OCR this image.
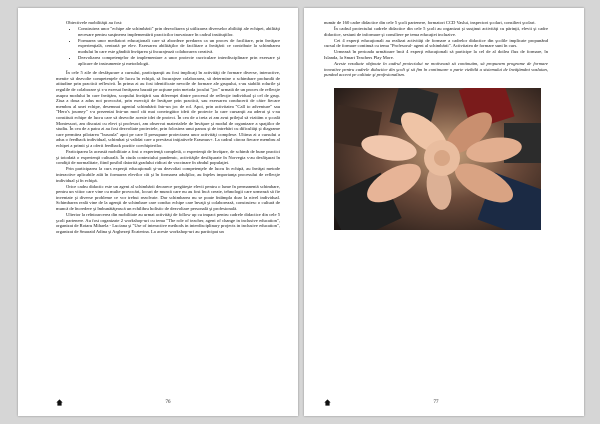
Obiectivele mobilităţii au fost:

• Construirea unor "echipe ale schimbării" prin dezvoltarea şi utilizarea diverselor abilităţi ale echipei, abilităţi necesare pentru susţinerea implementării practicilor inovatoare în cadrul instituţiilor.
• Formarea unor mediatori educaţionali care să abordeze predarea ca un proces de facilitare, prin învăţare experienţială, centrată pe elev. Exersarea abilităţilor de facilitare a învăţării ce contribuie la schimbarea modului în care este gândită învăţarea şi încurajează colaborarea creativă.
• Dezvoltarea competenţelor de implementare a unor proiecte curriculare interdisciplinare prin exersare şi aplicare de instrumente şi metodologii.

În cele 5 zile de desfăşurare a cursului, participanţii au fost implicaţi în activităţi de formare diverse, interactive, menite să dezvolte competenţele de lucru în echipă, să încurajeze colaborarea, să determine o schimbare profundă de atitudine prin practică reflexivă. În prima zi au fost identificate nevoile de formare ale grupului, s-au stabilit rolurile şi regulile de colaborare şi s-a exersat învăţarea bazată pe acţiune prin metoda jocului "joc" urmată de un proces de reflecţie asupra modului în care învăţăm, scopului învăţării sau diferenţei dintre procesul de reflecţie individual şi cel de grup. Ziua a doua a adus noi provocări, prin exerciţii de învăţare prin practică, sau exersarea conducerii de către fiecare membru al unei echipe, desemnat agentul schimbării într-un joc de rol. Apoi, prin activitatea "Call to adventure" sau "Hero's journey" s-a prezentat într-un mod cât mai convingător ideii de proiecte la care cursanţii au aderat şi s-au constituit echipe de lucru care să dezvolte aceste idei de proiect. În cea de a treia zi am avut prilejul să vizităm o şcoală Montessori, am discutat cu elevi şi profesori, am observat materialele de învăţare şi modul de organizare a spaţiilor de studiu. În cea de a patra zi au fost dezvoltate proiectele, prin folosirea unui panou şi de intrebări cu dificultăţi şi diagrame care permitea pilotarea "busoula" apoi pe care îl presupune proiectarea unor activităţi complexe. Ultima zi a cursului a adus o feedback individual, schimbat şi validat care a prevăzut iniţiativele Erasmus+. La cadrul cărora fiecare membru al echipei a primit şi a oferit feedback pozitiv coechipierilor.

Participarea la această mobilitate a fost o experienţă completă, o experienţă de învăţare, de schimb de bune practici şi totodată o experienţă culturală. În ciuda contextului pandemic, activităţile desfăşurate în Norvegia s-au desfăşurat în condiţii de normalitate, fiind posibil datorită gradului ridicat de vaccinare în rândul populaţiei.

Prin participarea la curs experţii educaţionali şi-au dezvoltat competenţele de lucru în echipă, au învăţat metode interactive aplicabile atât în formarea elevilor cât şi în formarea adulţilor, au înţeles importanţa procesului de reflecţie individual şi în echipă.

Orice cadru didactic este un agent al schimbării deoarece pregăteşte elevii pentru o lume în permanentă schimbare, pentru un viitor care vine cu multe provocări, locuri de muncă care nu au fost încă create, tehnologii care urmează să fie inventate şi diverse probleme ce vor trebui rezolvate. Dar schimbarea nu se poate întâmpla doar la nivel individual. Schimbarea reală vine de la agenţii de schimbare care conduc echipe care învaţă şi colaborează, construiesc o cultură de muncă de încredere şi îmbunătăţească un echilibru holistic de dezvoltare personală şi profesională.

Ulterior la reîntoarcerea din mobilitate au urmat activităţi de follow up cu impact pentru cadrele didactice din cele 5 şcoli partenere. Au fost organizate 2 workshop-uri cu tema "The role of teacher, agent of change in inclusive education", organizat de Rotaru Mihaela - Luciana şi "Use of interactive methods in interdisciplinary projects in inclusive education", organizat de Smaraid Adina şi Arghezeţi Ecaterina. La aceste workshop-uri au participat un

76

număr de 160 cadre didactice din cele 5 şcoli partenere, formatori CCD Vaslui, inspectori şcolari, consilieri şcolari.

În cadrul proiectului cadrele didactice din cele 5 şcoli au organizat şi susţinut activităţi cu părinţii, elevii şi cadre didactice, sesiuni de informare şi consiliere pe tema educaţiei incluzive.

Cei 4 experţi educaţionali au realizat activităţi de formare a cadrelor didactice din şcolile implicate propunând cursul de formare continuă cu tema "Profesorul- agent al schimbării". Activitatea de formare sunt în curs.

Urmează în perioada următoare încă 4 experţi educaţionali să participe la cel de al doilea flux de formare, în Islanda, la Smart Teachers Play More.

Aceste rezultate obţinute în cadrul proiectului ne motivează să continuăm, să propunem programe de formare inovative pentru cadrele didactice din şcoli şi să fim în continuare o parte vizibilă a sistemului de învăţământ vasluian, punând accent pe calitate şi profesionalism.

77
